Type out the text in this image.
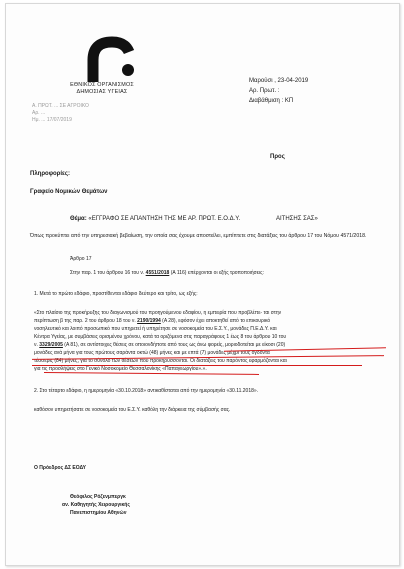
ΕΘΝΙΚΟΣ ΟΡΓΑΝΙΣΜΟΣ
ΔΗΜΟΣΙΑΣ ΥΓΕΙΑΣ
Α. ΠΡΩΤ. ... ΣΕ ΑΓΡΟΙΚΟ
Αρ. ...
Ημ. ... 17/07/2019
Μαρούσι , 23-04-2019
Αρ. Πρωτ. :
Διαβάθμιση : ΚΠ
Προς
Πληροφορίες:
Γραφείο Νομικών Θεμάτων
Θέμα: «ΕΓΓΡΑΦΟ ΣΕ ΑΠΑΝΤΗΣΗ ΤΗΣ ΜΕ ΑΡ. ΠΡΩΤ. Ε.Ο.Δ.Υ.	ΑΙΤΗΣΗΣ ΣΑΣ»
Όπως προκύπτει από την υπηρεσιακή βεβαίωση, την οποία σας έχουμε αποστείλει, εμπίπτετε στις διατάξεις του άρθρου 17 του Νόμου 4571/2018.
Άρθρο 17
Στην παρ. 1 του άρθρου 16 του ν. 4551/2018 (Α 116) επέρχονται οι εξής τροποποιήσεις:
1. Μετά το πρώτο εδάφιο, προστίθενται εδάφιο δεύτερο και τρίτο, ως εξής:
«Στο πλαίσιο της προκήρυξης του διαγωνισμού του προηγούμενου εδαφίου, η εμπειρία που προβλέπε- ται στην
περίπτωση β της παρ. 2 του άρθρου 18 του ν. 2190/1994 (Α 28), εφόσον έχει αποκτηθεί από το επικουρικό
νοσηλευτικό και λοιπό προσωπικό που υπηρετεί ή υπηρέτησε σε νοσοκομεία του Ε.Σ.Υ., μονάδες Π.Ε.Δ.Υ. και
Κέντρα Υγείας, με συμβάσεις ορισμένου χρόνου, κατά τα οριζόμενα στις παραγράφους 1 έως 8 του άρθρου 10 του
ν. 3329/2005 (Α 81), σε αντίστοιχες θέσεις σε οποιονδήποτε από τους ως άνω φορείς, μοριοδοτείται με είκοσι (20)
μονάδες ανά μήνα για τους πρώτους σαράντα οκτώ (48) μήνες και με επτά (7) μονάδες μέχρι τους ογδόντα
τέσσερις (84) μήνες, για το σύνολο των θέσεων που προκηρύσσονται. Οι διατάξεις του παρόντος εφαρμόζονται και
για τις προσλήψεις στο Γενικό Νοσοκομείο Θεσσαλονίκης «Παπαγεωργίου».».
2. Στο τέταρτο εδάφιο, η ημερομηνία «30.10.2018» αντικαθίσταται από την ημερομηνία «30.11.2018».
καθόσον υπηρετήσατε σε νοσοκομεία του Ε.Σ.Υ. καθόλη την διάρκεια της σύμβασής σας.
Ο Πρόεδρος ΔΣ ΕΟΔΥ
Θεόφιλος Ρόζενμπεργκ
αν. Καθηγητής Χειρουργικής
Πανεπιστημίου Αθηνών
